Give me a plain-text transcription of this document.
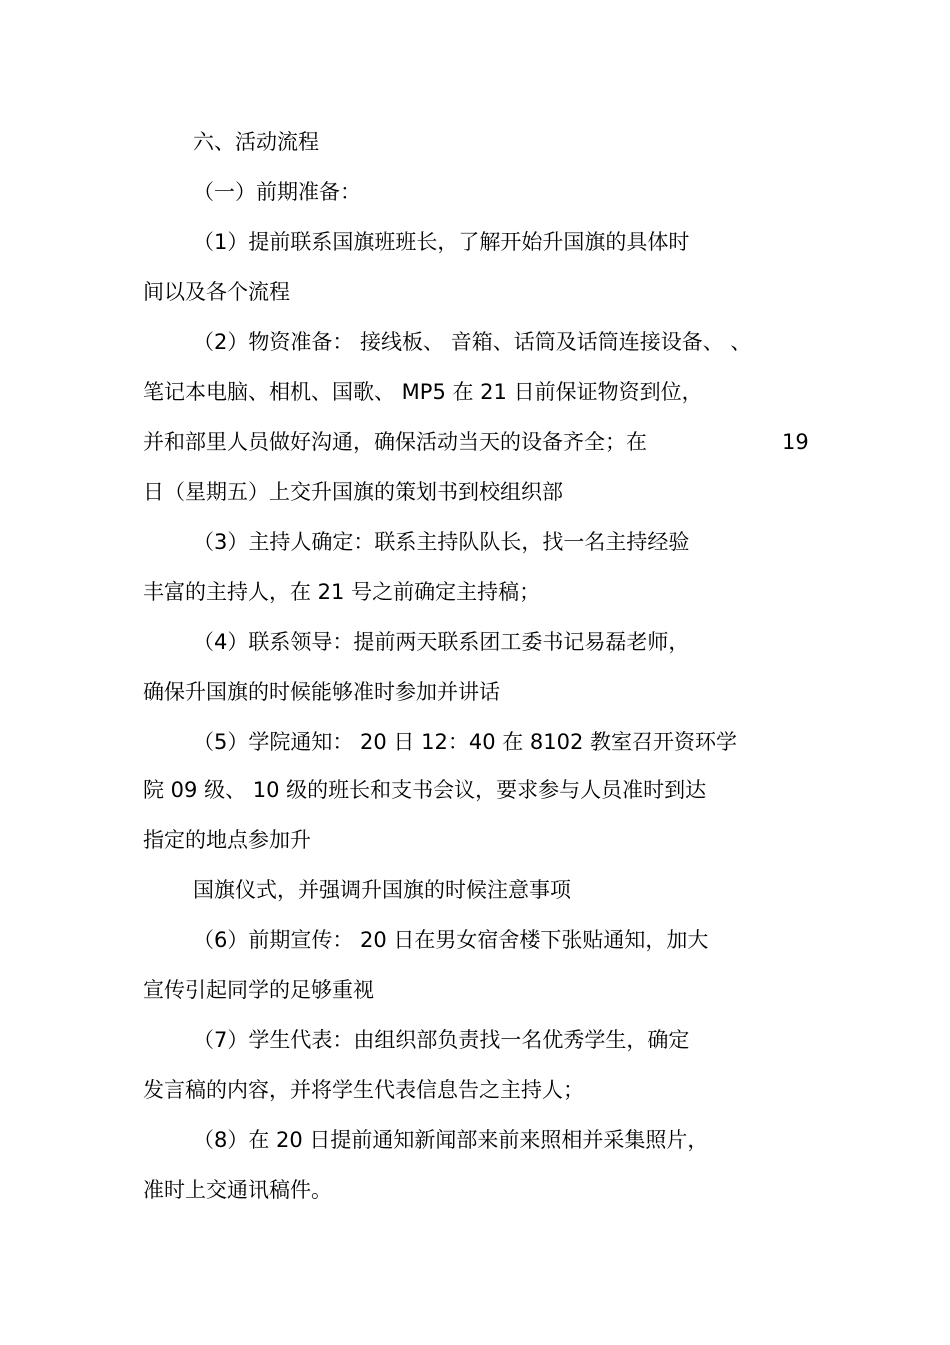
六、活动流程
（一）前期准备：
（1）提前联系国旗班班长，了解开始升国旗的具体时
间以及各个流程
（2）物资准备： 接线板、 音箱、话筒及话筒连接设备、 、
笔记本电脑、相机、国歌、 MP5 在 21 日前保证物资到位，
并和部里人员做好沟通，确保活动当天的设备齐全；在	19
日（星期五）上交升国旗的策划书到校组织部
（3）主持人确定：联系主持队队长，找一名主持经验
丰富的主持人，在 21 号之前确定主持稿；
（4）联系领导：提前两天联系团工委书记易磊老师，
确保升国旗的时候能够准时参加并讲话
（5）学院通知： 20 日 12：40 在 8102 教室召开资环学
院 09 级、 10 级的班长和支书会议，要求参与人员准时到达
指定的地点参加升
国旗仪式，并强调升国旗的时候注意事项
（6）前期宣传： 20 日在男女宿舍楼下张贴通知，加大
宣传引起同学的足够重视
（7）学生代表：由组织部负责找一名优秀学生，确定
发言稿的内容，并将学生代表信息告之主持人；
（8）在 20 日提前通知新闻部来前来照相并采集照片，
准时上交通讯稿件。
